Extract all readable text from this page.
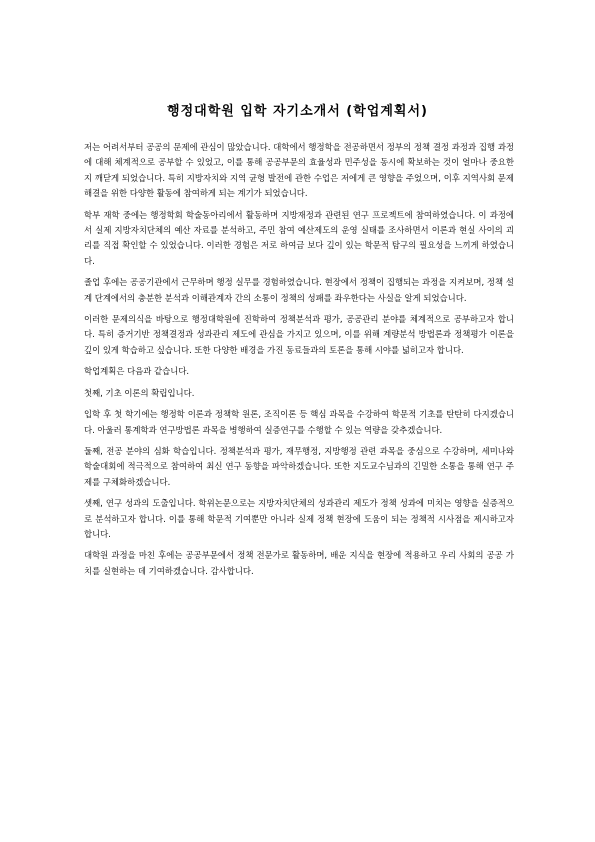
행정대학원 입학 자기소개서 (학업계획서)

저는 어려서부터 공공의 문제에 관심이 많았습니다. 대학에서 행정학을 전공하면서 정부의 정책 결정 과정과 집행 과정에 대해 체계적으로 공부할 수 있었고, 이를 통해 공공부문의 효율성과 민주성을 동시에 확보하는 것이 얼마나 중요한지 깨닫게 되었습니다. 특히 지방자치와 지역 균형 발전에 관한 수업은 저에게 큰 영향을 주었으며, 이후 지역사회 문제 해결을 위한 다양한 활동에 참여하게 되는 계기가 되었습니다.

학부 재학 중에는 행정학회 학술동아리에서 활동하며 지방재정과 관련된 연구 프로젝트에 참여하였습니다. 이 과정에서 실제 지방자치단체의 예산 자료를 분석하고, 주민 참여 예산제도의 운영 실태를 조사하면서 이론과 현실 사이의 괴리를 직접 확인할 수 있었습니다. 이러한 경험은 저로 하여금 보다 깊이 있는 학문적 탐구의 필요성을 느끼게 하였습니다.

졸업 후에는 공공기관에서 근무하며 행정 실무를 경험하였습니다. 현장에서 정책이 집행되는 과정을 지켜보며, 정책 설계 단계에서의 충분한 분석과 이해관계자 간의 소통이 정책의 성패를 좌우한다는 사실을 알게 되었습니다.

이러한 문제의식을 바탕으로 행정대학원에 진학하여 정책분석과 평가, 공공관리 분야를 체계적으로 공부하고자 합니다. 특히 증거기반 정책결정과 성과관리 제도에 관심을 가지고 있으며, 이를 위해 계량분석 방법론과 정책평가 이론을 깊이 있게 학습하고 싶습니다. 또한 다양한 배경을 가진 동료들과의 토론을 통해 시야를 넓히고자 합니다.

학업계획은 다음과 같습니다.

첫째, 기초 이론의 확립입니다.

입학 후 첫 학기에는 행정학 이론과 정책학 원론, 조직이론 등 핵심 과목을 수강하여 학문적 기초를 탄탄히 다지겠습니다. 아울러 통계학과 연구방법론 과목을 병행하여 실증연구를 수행할 수 있는 역량을 갖추겠습니다.

둘째, 전공 분야의 심화 학습입니다. 정책분석과 평가, 재무행정, 지방행정 관련 과목을 중심으로 수강하며, 세미나와 학술대회에 적극적으로 참여하여 최신 연구 동향을 파악하겠습니다. 또한 지도교수님과의 긴밀한 소통을 통해 연구 주제를 구체화하겠습니다.

셋째, 연구 성과의 도출입니다. 학위논문으로는 지방자치단체의 성과관리 제도가 정책 성과에 미치는 영향을 실증적으로 분석하고자 합니다. 이를 통해 학문적 기여뿐만 아니라 실제 정책 현장에 도움이 되는 정책적 시사점을 제시하고자 합니다.

대학원 과정을 마친 후에는 공공부문에서 정책 전문가로 활동하며, 배운 지식을 현장에 적용하고 우리 사회의 공공 가치를 실현하는 데 기여하겠습니다. 감사합니다.
